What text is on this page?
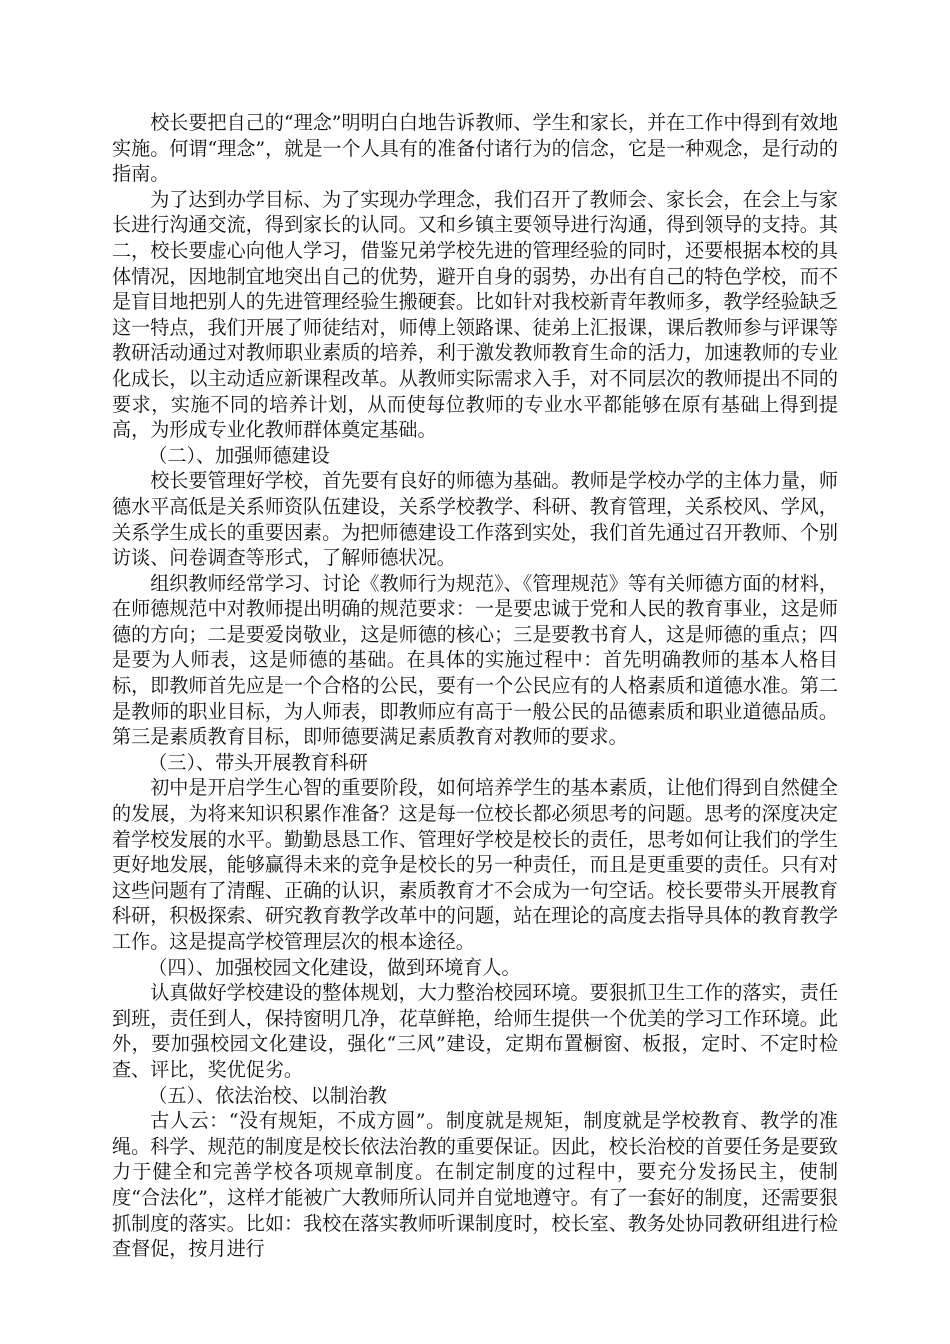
校长要把自己的“理念”明明白白地告诉教师、学生和家长，并在工作中得到有效地实施。何谓“理念”，就是一个人具有的准备付诸行为的信念，它是一种观念，是行动的指南。

为了达到办学目标、为了实现办学理念，我们召开了教师会、家长会，在会上与家长进行沟通交流，得到家长的认同。又和乡镇主要领导进行沟通，得到领导的支持。其二，校长要虚心向他人学习，借鉴兄弟学校先进的管理经验的同时，还要根据本校的具体情况，因地制宜地突出自己的优势，避开自身的弱势，办出有自己的特色学校，而不是盲目地把别人的先进管理经验生搬硬套。比如针对我校新青年教师多，教学经验缺乏这一特点，我们开展了师徒结对，师傅上领路课、徒弟上汇报课，课后教师参与评课等教研活动通过对教师职业素质的培养，利于激发教师教育生命的活力，加速教师的专业化成长，以主动适应新课程改革。从教师实际需求入手，对不同层次的教师提出不同的要求，实施不同的培养计划，从而使每位教师的专业水平都能够在原有基础上得到提高，为形成专业化教师群体奠定基础。

（二）、加强师德建设

校长要管理好学校，首先要有良好的师德为基础。教师是学校办学的主体力量，师德水平高低是关系师资队伍建设，关系学校教学、科研、教育管理，关系校风、学风，关系学生成长的重要因素。为把师德建设工作落到实处，我们首先通过召开教师、个别访谈、问卷调查等形式，了解师德状况。

组织教师经常学习、讨论《教师行为规范》、《管理规范》等有关师德方面的材料，在师德规范中对教师提出明确的规范要求：一是要忠诚于党和人民的教育事业，这是师德的方向；二是要爱岗敬业，这是师德的核心；三是要教书育人，这是师德的重点；四是要为人师表，这是师德的基础。在具体的实施过程中：首先明确教师的基本人格目标，即教师首先应是一个合格的公民，要有一个公民应有的人格素质和道德水准。第二是教师的职业目标，为人师表，即教师应有高于一般公民的品德素质和职业道德品质。第三是素质教育目标，即师德要满足素质教育对教师的要求。

（三）、带头开展教育科研

初中是开启学生心智的重要阶段，如何培养学生的基本素质，让他们得到自然健全的发展，为将来知识积累作准备？这是每一位校长都必须思考的问题。思考的深度决定着学校发展的水平。勤勤恳恳工作、管理好学校是校长的责任，思考如何让我们的学生更好地发展，能够赢得未来的竞争是校长的另一种责任，而且是更重要的责任。只有对这些问题有了清醒、正确的认识，素质教育才不会成为一句空话。校长要带头开展教育科研，积极探索、研究教育教学改革中的问题，站在理论的高度去指导具体的教育教学工作。这是提高学校管理层次的根本途径。

（四）、加强校园文化建设，做到环境育人。

认真做好学校建设的整体规划，大力整治校园环境。要狠抓卫生工作的落实，责任到班，责任到人，保持窗明几净，花草鲜艳，给师生提供一个优美的学习工作环境。此外，要加强校园文化建设，强化“三风”建设，定期布置橱窗、板报，定时、不定时检查、评比，奖优促劣。

（五）、依法治校、以制治教

古人云：“没有规矩，不成方圆”。制度就是规矩，制度就是学校教育、教学的准绳。科学、规范的制度是校长依法治教的重要保证。因此，校长治校的首要任务是要致力于健全和完善学校各项规章制度。在制定制度的过程中，要充分发扬民主，使制度“合法化”，这样才能被广大教师所认同并自觉地遵守。有了一套好的制度，还需要狠抓制度的落实。比如：我校在落实教师听课制度时，校长室、教务处协同教研组进行检查督促，按月进行
